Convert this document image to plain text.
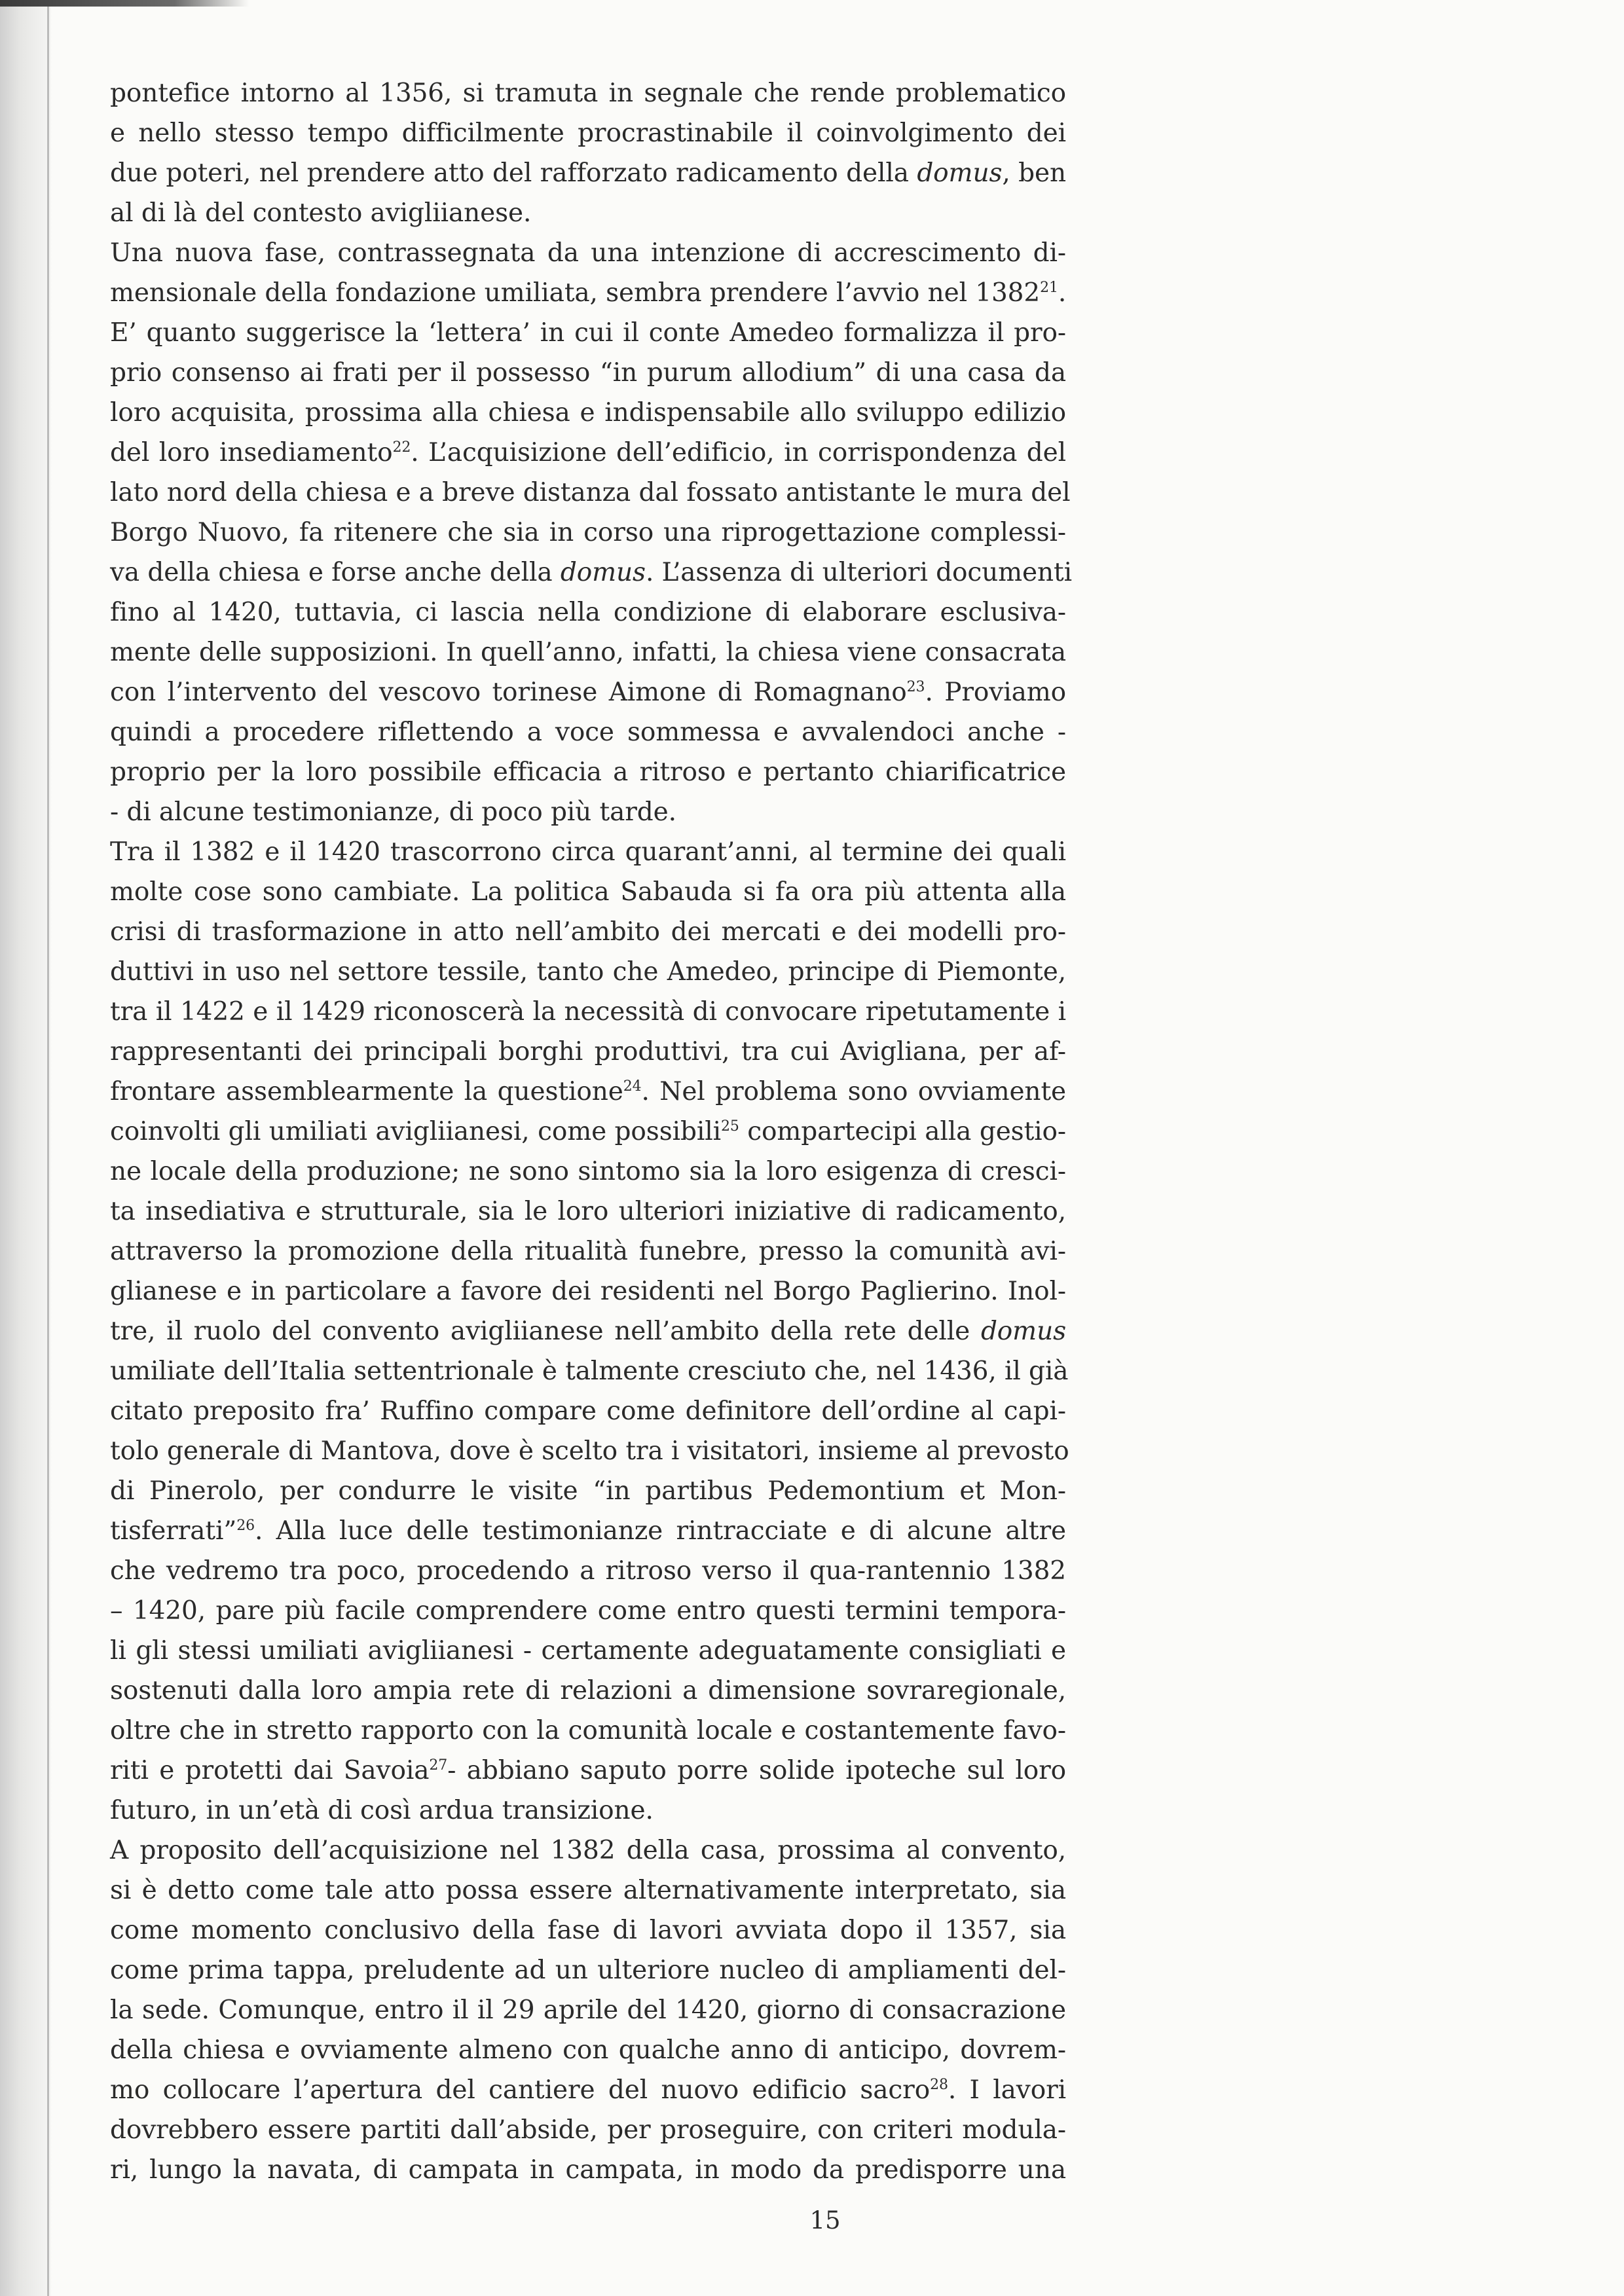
pontefice intorno al 1356, si tramuta in segnale che rende problematico
e nello stesso tempo difficilmente procrastinabile il coinvolgimento dei
due poteri, nel prendere atto del rafforzato radicamento della domus, ben
al di là del contesto avigliianese.
Una nuova fase, contrassegnata da una intenzione di accrescimento di-
mensionale della fondazione umiliata, sembra prendere l’avvio nel 1382$^{21}$.
E’ quanto suggerisce la ‘lettera’ in cui il conte Amedeo formalizza il pro-
prio consenso ai frati per il possesso “in purum allodium” di una casa da
loro acquisita, prossima alla chiesa e indispensabile allo sviluppo edilizio
del loro insediamento$^{22}$. L’acquisizione dell’edificio, in corrispondenza del
lato nord della chiesa e a breve distanza dal fossato antistante le mura del
Borgo Nuovo, fa ritenere che sia in corso una riprogettazione complessi-
va della chiesa e forse anche della domus. L’assenza di ulteriori documenti
fino al 1420, tuttavia, ci lascia nella condizione di elaborare esclusiva-
mente delle supposizioni. In quell’anno, infatti, la chiesa viene consacrata
con l’intervento del vescovo torinese Aimone di Romagnano$^{23}$. Proviamo
quindi a procedere riflettendo a voce sommessa e avvalendoci anche -
proprio per la loro possibile efficacia a ritroso e pertanto chiarificatrice
- di alcune testimonianze, di poco più tarde.
Tra il 1382 e il 1420 trascorrono circa quarant’anni, al termine dei quali
molte cose sono cambiate. La politica Sabauda si fa ora più attenta alla
crisi di trasformazione in atto nell’ambito dei mercati e dei modelli pro-
duttivi in uso nel settore tessile, tanto che Amedeo, principe di Piemonte,
tra il 1422 e il 1429 riconoscerà la necessità di convocare ripetutamente i
rappresentanti dei principali borghi produttivi, tra cui Avigliana, per af-
frontare assemblearmente la questione$^{24}$. Nel problema sono ovviamente
coinvolti gli umiliati avigliianesi, come possibili$^{25}$ compartecipi alla gestio-
ne locale della produzione; ne sono sintomo sia la loro esigenza di cresci-
ta insediativa e strutturale, sia le loro ulteriori iniziative di radicamento,
attraverso la promozione della ritualità funebre, presso la comunità avi-
glianese e in particolare a favore dei residenti nel Borgo Paglierino. Inol-
tre, il ruolo del convento avigliianese nell’ambito della rete delle domus
umiliate dell’Italia settentrionale è talmente cresciuto che, nel 1436, il già
citato preposito fra’ Ruffino compare come definitore dell’ordine al capi-
tolo generale di Mantova, dove è scelto tra i visitatori, insieme al prevosto
di Pinerolo, per condurre le visite “in partibus Pedemontium et Mon-
tisferrati”$^{26}$. Alla luce delle testimonianze rintracciate e di alcune altre
che vedremo tra poco, procedendo a ritroso verso il qua-rantennio 1382
– 1420, pare più facile comprendere come entro questi termini tempora-
li gli stessi umiliati avigliianesi - certamente adeguatamente consigliati e
sostenuti dalla loro ampia rete di relazioni a dimensione sovraregionale,
oltre che in stretto rapporto con la comunità locale e costantemente favo-
riti e protetti dai Savoia$^{27}$- abbiano saputo porre solide ipoteche sul loro
futuro, in un’età di così ardua transizione.
A proposito dell’acquisizione nel 1382 della casa, prossima al convento,
si è detto come tale atto possa essere alternativamente interpretato, sia
come momento conclusivo della fase di lavori avviata dopo il 1357, sia
come prima tappa, preludente ad un ulteriore nucleo di ampliamenti del-
la sede. Comunque, entro il il 29 aprile del 1420, giorno di consacrazione
della chiesa e ovviamente almeno con qualche anno di anticipo, dovrem-
mo collocare l’apertura del cantiere del nuovo edificio sacro$^{28}$. I lavori
dovrebbero essere partiti dall’abside, per proseguire, con criteri modula-
ri, lungo la navata, di campata in campata, in modo da predisporre una
15
